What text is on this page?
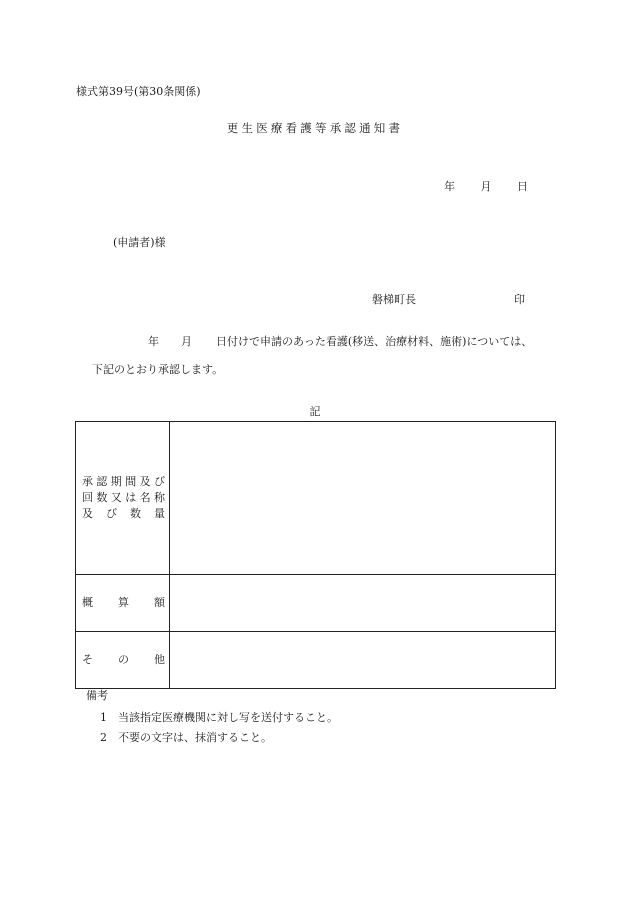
様式第39号(第30条関係)
更生医療看護等承認通知書
年 月 日
(申請者)様
磐梯町長	印
年 月 日付けで申請のあった看護(移送、治療材料、施術)については、
下記のとおり承認します。
記
承認期間及び
回数又は名称
及び数量	

概算額	

その他	

備考
1 当該指定医療機関に対し写を送付すること。
2 不要の文字は、抹消すること。
